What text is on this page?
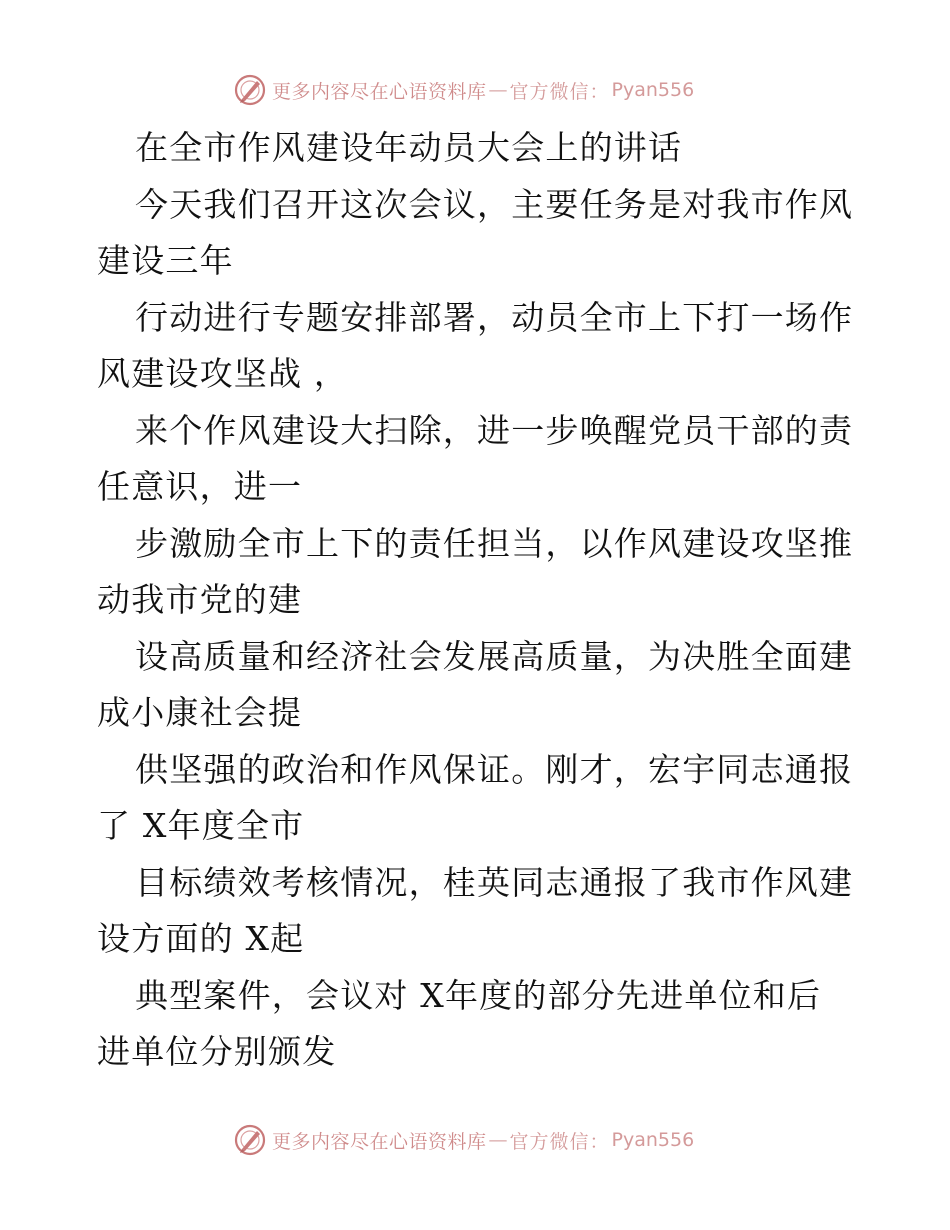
更多内容尽在心语资料库 — 官方微信： Pyan556
在全市作风建设年动员大会上的讲话
今天我们召开这次会议，主要任务是对我市作风
建设三年
行动进行专题安排部署，动员全市上下打一场作
风建设攻坚战 ，
来个作风建设大扫除，进一步唤醒党员干部的责
任意识，进一
步激励全市上下的责任担当，以作风建设攻坚推
动我市党的建
设高质量和经济社会发展高质量，为决胜全面建
成小康社会提
供坚强的政治和作风保证。刚才，宏宇同志通报
了 X年度全市
目标绩效考核情况，桂英同志通报了我市作风建
设方面的 X起
典型案件，会议对 X年度的部分先进单位和后
进单位分别颁发
更多内容尽在心语资料库 — 官方微信： Pyan556
